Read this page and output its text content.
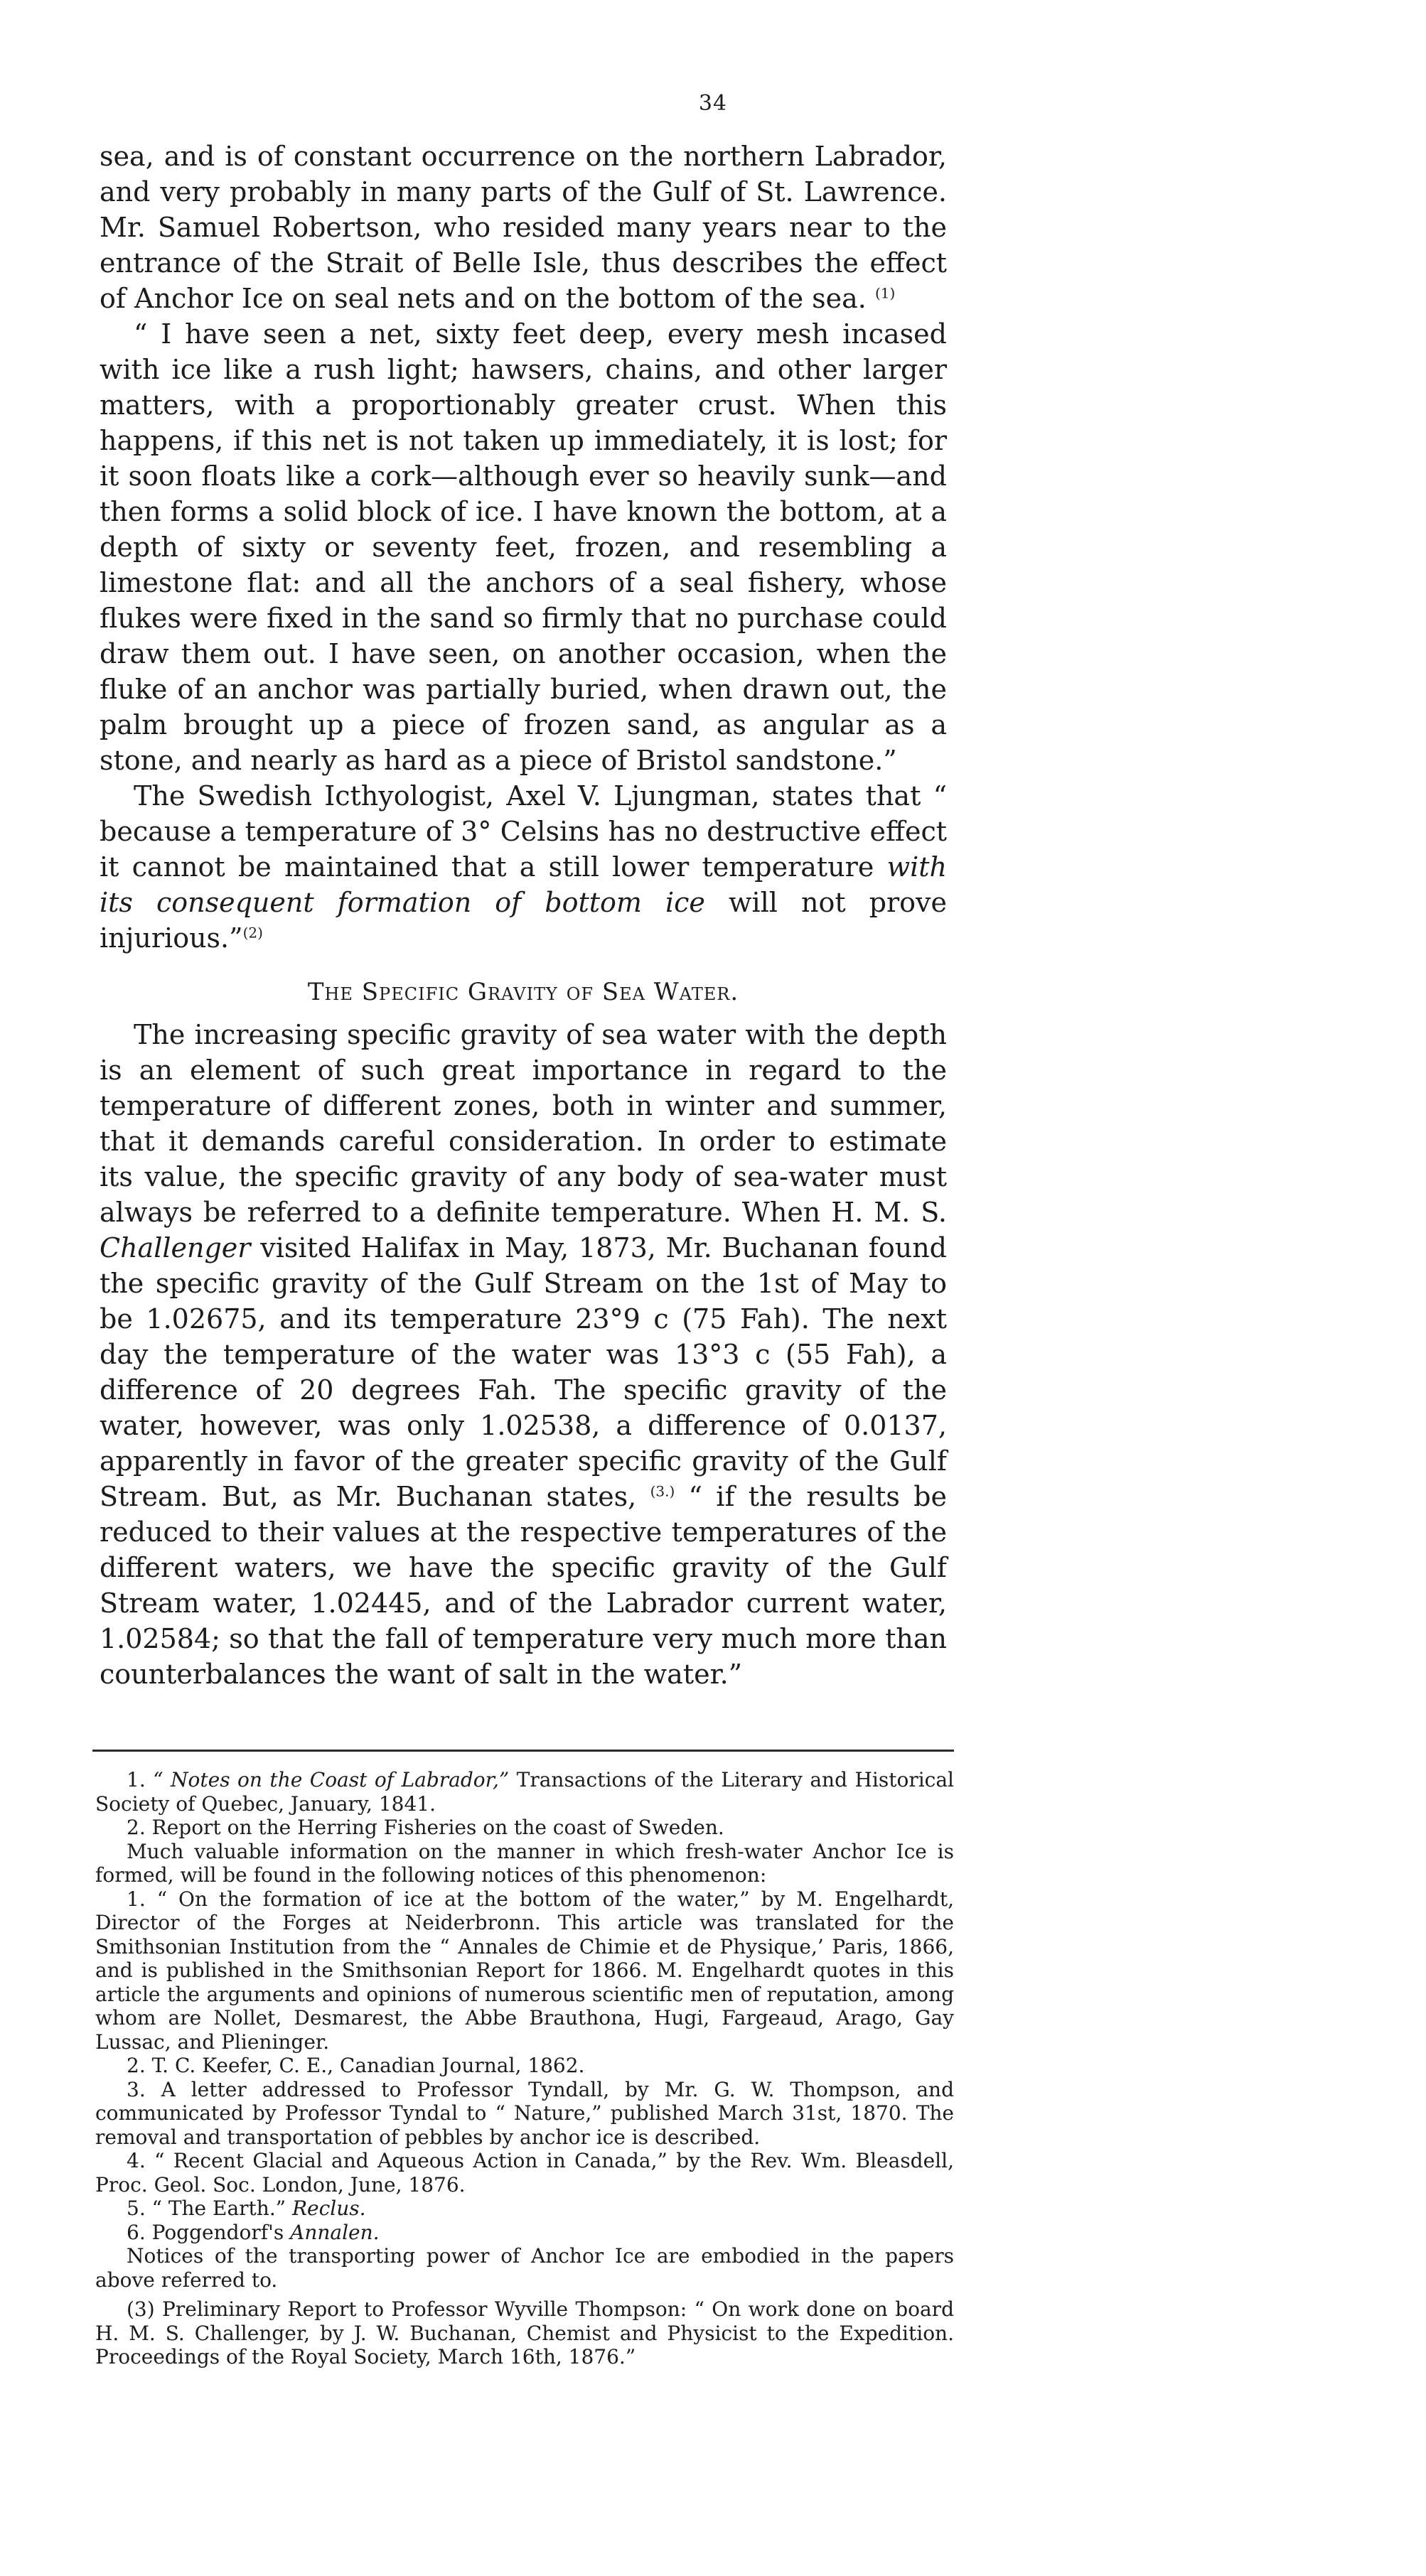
34

sea, and is of constant occurrence on the northern Labrador, and very probably in many parts of the Gulf of St. Lawrence. Mr. Samuel Robertson, who resided many years near to the entrance of the Strait of Belle Isle, thus describes the effect of Anchor Ice on seal nets and on the bottom of the sea. $^{(1)}$

“ I have seen a net, sixty feet deep, every mesh incased with ice like a rush light; hawsers, chains, and other larger matters, with a proportionably greater crust. When this happens, if this net is not taken up immediately, it is lost; for it soon floats like a cork—although ever so heavily sunk—and then forms a solid block of ice. I have known the bottom, at a depth of sixty or seventy feet, frozen, and resembling a limestone flat: and all the anchors of a seal fishery, whose flukes were fixed in the sand so firmly that no purchase could draw them out. I have seen, on another occasion, when the fluke of an anchor was partially buried, when drawn out, the palm brought up a piece of frozen sand, as angular as a stone, and nearly as hard as a piece of Bristol sandstone.”

The Swedish Icthyologist, Axel V. Ljungman, states that “ because a temperature of 3° Celsins has no destructive effect it cannot be maintained that a still lower temperature with its consequent formation of bottom ice will not prove injurious.”$^{(2)}$

The Specific Gravity of Sea Water.

The increasing specific gravity of sea water with the depth is an element of such great importance in regard to the temperature of different zones, both in winter and summer, that it demands careful consideration. In order to estimate its value, the specific gravity of any body of sea-water must always be referred to a definite temperature. When H. M. S. Challenger visited Halifax in May, 1873, Mr. Buchanan found the specific gravity of the Gulf Stream on the 1st of May to be 1.02675, and its temperature 23°9 c (75 Fah). The next day the temperature of the water was 13°3 c (55 Fah), a difference of 20 degrees Fah. The specific gravity of the water, however, was only 1.02538, a difference of 0.0137, apparently in favor of the greater specific gravity of the Gulf Stream. But, as Mr. Buchanan states, $^{(3.)}$ “ if the results be reduced to their values at the respective temperatures of the different waters, we have the specific gravity of the Gulf Stream water, 1.02445, and of the Labrador current water, 1.02584; so that the fall of temperature very much more than counterbalances the want of salt in the water.”

1. “ Notes on the Coast of Labrador,” Transactions of the Literary and Historical Society of Quebec, January, 1841.

2. Report on the Herring Fisheries on the coast of Sweden.

Much valuable information on the manner in which fresh-water Anchor Ice is formed, will be found in the following notices of this phenomenon:

1. “ On the formation of ice at the bottom of the water,” by M. Engelhardt, Director of the Forges at Neiderbronn. This article was translated for the Smithsonian Institution from the “ Annales de Chimie et de Physique,’ Paris, 1866, and is published in the Smithsonian Report for 1866. M. Engelhardt quotes in this article the arguments and opinions of numerous scientific men of reputation, among whom are Nollet, Desmarest, the Abbe Brauthona, Hugi, Fargeaud, Arago, Gay Lussac, and Plieninger.

2. T. C. Keefer, C. E., Canadian Journal, 1862.

3. A letter addressed to Professor Tyndall, by Mr. G. W. Thompson, and communicated by Professor Tyndal to “ Nature,” published March 31st, 1870. The removal and transportation of pebbles by anchor ice is described.

4. “ Recent Glacial and Aqueous Action in Canada,” by the Rev. Wm. Bleasdell, Proc. Geol. Soc. London, June, 1876.

5. “ The Earth.” Reclus.

6. Poggendorf's Annalen.

Notices of the transporting power of Anchor Ice are embodied in the papers above referred to.

(3) Preliminary Report to Professor Wyville Thompson: “ On work done on board H. M. S. Challenger, by J. W. Buchanan, Chemist and Physicist to the Expedition. Proceedings of the Royal Society, March 16th, 1876.”
